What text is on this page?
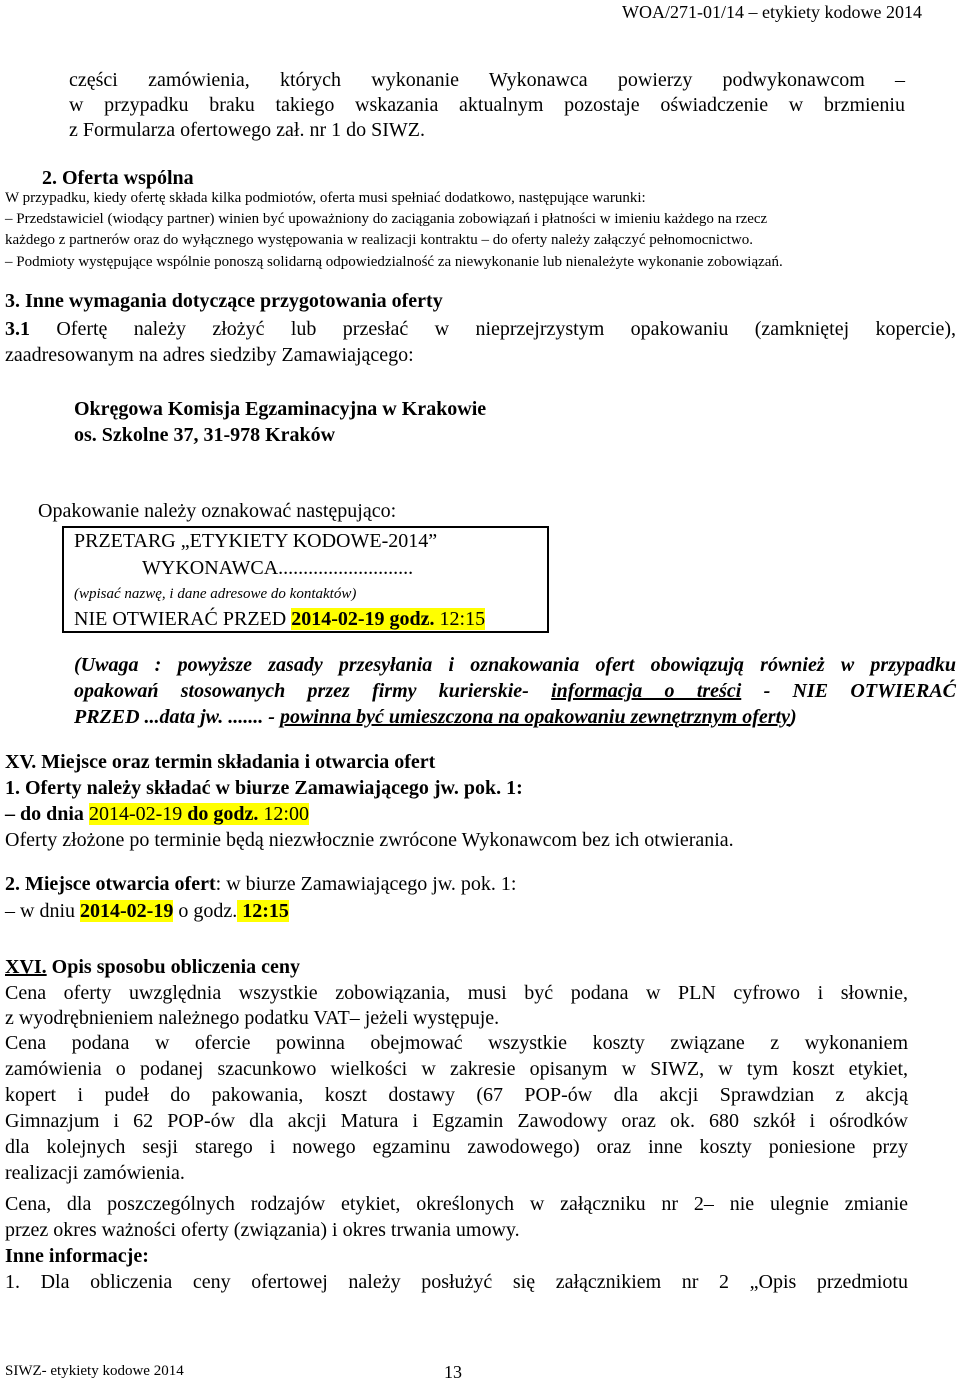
WOA/271-01/14 – etykiety kodowe 2014
części zamówienia, których wykonanie Wykonawca powierzy podwykonawcom –
w przypadku braku takiego wskazania aktualnym pozostaje oświadczenie w brzmieniu
z Formularza ofertowego zał. nr 1 do SIWZ.
2. Oferta wspólna
W przypadku, kiedy ofertę składa kilka podmiotów, oferta musi spełniać dodatkowo, następujące warunki:
– Przedstawiciel (wiodący partner) winien być upoważniony do zaciągania zobowiązań i płatności w imieniu każdego na rzecz
każdego z partnerów oraz do wyłącznego występowania w realizacji kontraktu – do oferty należy załączyć pełnomocnictwo.
– Podmioty występujące wspólnie ponoszą solidarną odpowiedzialność za niewykonanie lub nienależyte wykonanie zobowiązań.
3. Inne wymagania dotyczące przygotowania oferty
3.1 Ofertę należy złożyć lub przesłać w nieprzejrzystym opakowaniu (zamkniętej kopercie),
zaadresowanym na adres siedziby Zamawiającego:
Okręgowa Komisja Egzaminacyjna w Krakowie
os. Szkolne 37, 31-978 Kraków
Opakowanie należy oznakować następująco:
PRZETARG „ETYKIETY KODOWE-2014”
WYKONAWCA...........................
(wpisać nazwę, i dane adresowe do kontaktów)
NIE OTWIERAĆ PRZED 2014-02-19 godz. 12:15
(Uwaga : powyższe zasady przesyłania i oznakowania ofert obowiązują również w przypadku
opakowań stosowanych przez firmy kurierskie- informacja o treści - NIE OTWIERAĆ
PRZED ...data jw. ....... - powinna być umieszczona na opakowaniu zewnętrznym oferty)
XV. Miejsce oraz termin składania i otwarcia ofert
1. Oferty należy składać w biurze Zamawiającego jw. pok. 1:
– do dnia 2014-02-19 do godz. 12:00
Oferty złożone po terminie będą niezwłocznie zwrócone Wykonawcom bez ich otwierania.
2. Miejsce otwarcia ofert: w biurze Zamawiającego jw. pok. 1:
– w dniu 2014-02-19 o godz. 12:15
XVI. Opis sposobu obliczenia ceny
Cena oferty uwzględnia wszystkie zobowiązania, musi być podana w PLN cyfrowo i słownie,
z wyodrębnieniem należnego podatku VAT– jeżeli występuje.
Cena podana w ofercie powinna obejmować wszystkie koszty związane z wykonaniem
zamówienia o podanej szacunkowo wielkości w zakresie opisanym w SIWZ, w tym koszt etykiet,
kopert i pudeł do pakowania, koszt dostawy (67 POP-ów dla akcji Sprawdzian z akcją
Gimnazjum i 62 POP-ów dla akcji Matura i Egzamin Zawodowy oraz ok. 680 szkół i ośrodków
dla kolejnych sesji starego i nowego egzaminu zawodowego) oraz inne koszty poniesione przy
realizacji zamówienia.
Cena, dla poszczególnych rodzajów etykiet, określonych w załączniku nr 2– nie ulegnie zmianie
przez okres ważności oferty (związania) i okres trwania umowy.
Inne informacje:
1. Dla obliczenia ceny ofertowej należy posłużyć się załącznikiem nr 2 „Opis przedmiotu
SIWZ- etykiety kodowe 2014	13
